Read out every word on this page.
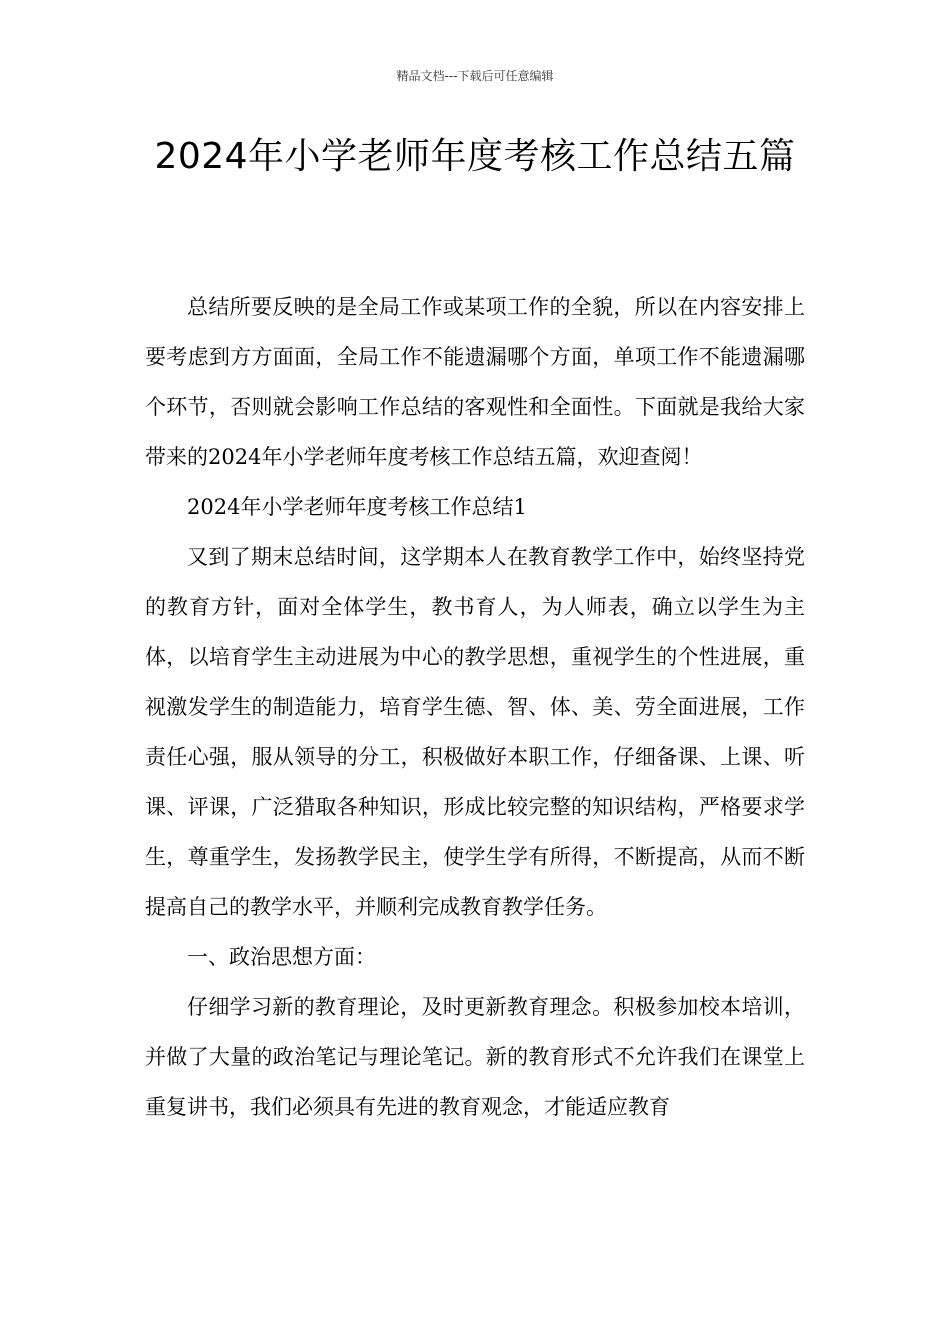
精品文档---下载后可任意编辑
2024年小学老师年度考核工作总结五篇

总结所要反映的是全局工作或某项工作的全貌，所以在内容安排上要考虑到方方面面，全局工作不能遗漏哪个方面，单项工作不能遗漏哪个环节，否则就会影响工作总结的客观性和全面性。下面就是我给大家带来的2024年小学老师年度考核工作总结五篇，欢迎查阅！

2024年小学老师年度考核工作总结1

又到了期末总结时间，这学期本人在教育教学工作中，始终坚持党的教育方针，面对全体学生，教书育人，为人师表，确立以学生为主体，以培育学生主动进展为中心的教学思想，重视学生的个性进展，重视激发学生的制造能力，培育学生德、智、体、美、劳全面进展，工作责任心强，服从领导的分工，积极做好本职工作，仔细备课、上课、听课、评课，广泛猎取各种知识，形成比较完整的知识结构，严格要求学生，尊重学生，发扬教学民主，使学生学有所得，不断提高，从而不断提高自己的教学水平，并顺利完成教育教学任务。

一、政治思想方面：

仔细学习新的教育理论，及时更新教育理念。积极参加校本培训，并做了大量的政治笔记与理论笔记。新的教育形式不允许我们在课堂上重复讲书，我们必须具有先进的教育观念，才能适应教育
